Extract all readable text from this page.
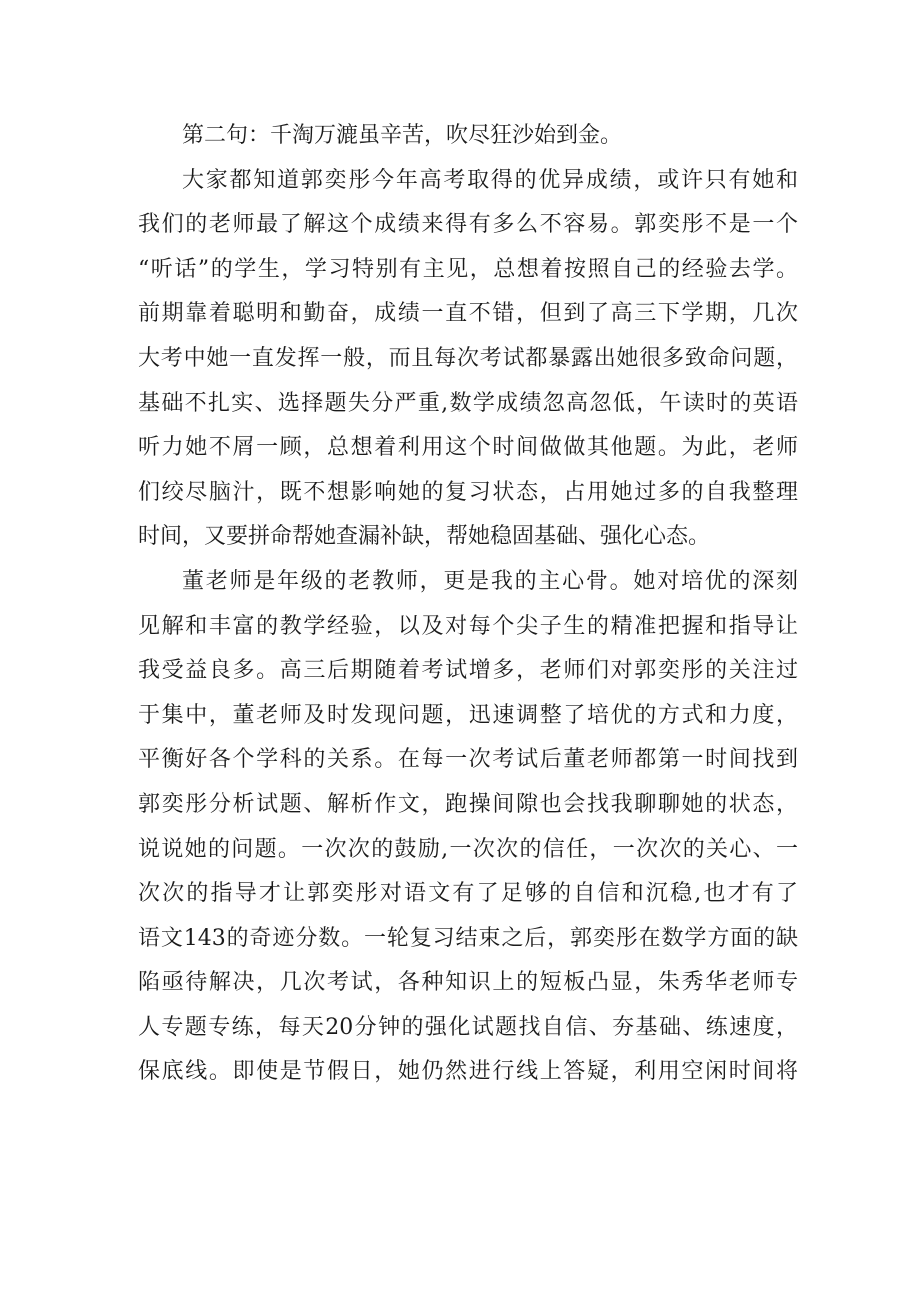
第二句：千淘万漉虽辛苦，吹尽狂沙始到金。
大家都知道郭奕彤今年高考取得的优异成绩，或许只有她和
我们的老师最了解这个成绩来得有多么不容易。郭奕彤不是一个
“听话”的学生，学习特别有主见，总想着按照自己的经验去学。
前期靠着聪明和勤奋，成绩一直不错，但到了高三下学期，几次
大考中她一直发挥一般，而且每次考试都暴露出她很多致命问题，
基础不扎实、选择题失分严重,数学成绩忽高忽低，午读时的英语
听力她不屑一顾，总想着利用这个时间做做其他题。为此，老师
们绞尽脑汁，既不想影响她的复习状态，占用她过多的自我整理
时间，又要拼命帮她查漏补缺，帮她稳固基础、强化心态。
董老师是年级的老教师，更是我的主心骨。她对培优的深刻
见解和丰富的教学经验，以及对每个尖子生的精准把握和指导让
我受益良多。高三后期随着考试增多，老师们对郭奕彤的关注过
于集中，董老师及时发现问题，迅速调整了培优的方式和力度，
平衡好各个学科的关系。在每一次考试后董老师都第一时间找到
郭奕彤分析试题、解析作文，跑操间隙也会找我聊聊她的状态，
说说她的问题。一次次的鼓励,一次次的信任，一次次的关心、一
次次的指导才让郭奕彤对语文有了足够的自信和沉稳,也才有了
语文143的奇迹分数。一轮复习结束之后，郭奕彤在数学方面的缺
陷亟待解决，几次考试，各种知识上的短板凸显，朱秀华老师专
人专题专练，每天20分钟的强化试题找自信、夯基础、练速度，
保底线。即使是节假日，她仍然进行线上答疑，利用空闲时间将
